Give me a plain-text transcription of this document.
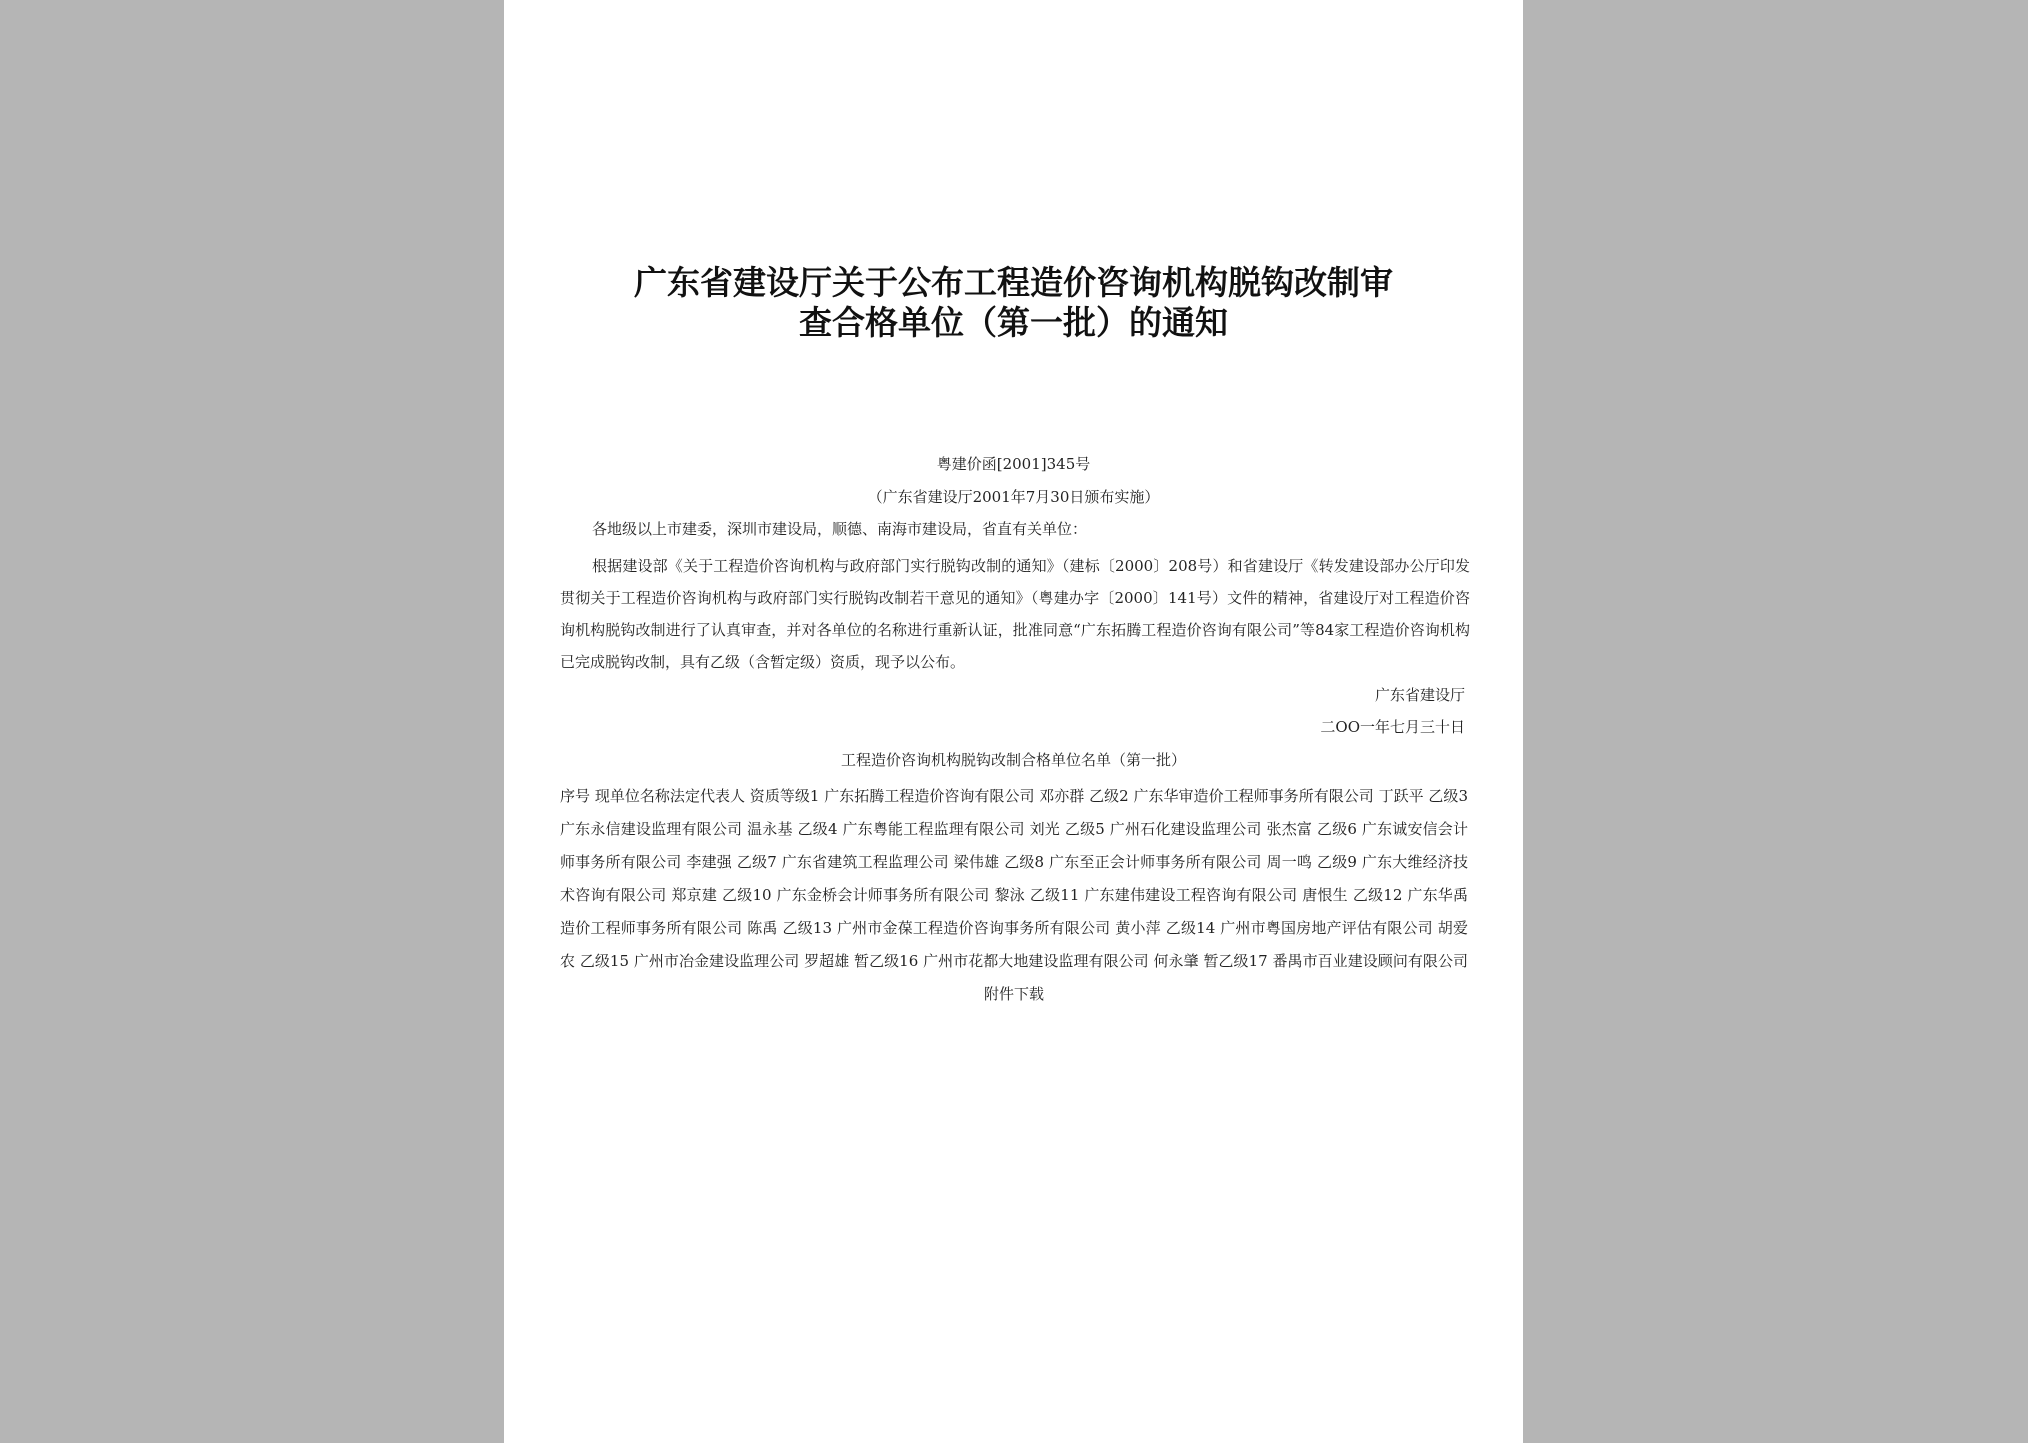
广东省建设厅关于公布工程造价咨询机构脱钩改制审
查合格单位（第一批）的通知
粤建价函[2001]345号
（广东省建设厅2001年7月30日颁布实施）
各地级以上市建委，深圳市建设局，顺德、南海市建设局，省直有关单位：
根据建设部《关于工程造价咨询机构与政府部门实行脱钩改制的通知》（建标〔2000〕208号）和省建设厅《转发建设部办公厅印发贯彻关于工程造价咨询机构与政府部门实行脱钩改制若干意见的通知》（粤建办字〔2000〕141号）文件的精神，省建设厅对工程造价咨询机构脱钩改制进行了认真审查，并对各单位的名称进行重新认证，批准同意“广东拓腾工程造价咨询有限公司”等84家工程造价咨询机构已完成脱钩改制，具有乙级（含暂定级）资质，现予以公布。
广东省建设厅
二OO一年七月三十日
工程造价咨询机构脱钩改制合格单位名单（第一批）
序号 现单位名称法定代表人 资质等级1 广东拓腾工程造价咨询有限公司 邓亦群 乙级2 广东华审造价工程师事务所有限公司 丁跃平 乙级3 广东永信建设监理有限公司 温永基 乙级4 广东粤能工程监理有限公司 刘光 乙级5 广州石化建设监理公司 张杰富 乙级6 广东诚安信会计师事务所有限公司 李建强 乙级7 广东省建筑工程监理公司 梁伟雄 乙级8 广东至正会计师事务所有限公司 周一鸣 乙级9 广东大维经济技术咨询有限公司 郑京建 乙级10 广东金桥会计师事务所有限公司 黎泳 乙级11 广东建伟建设工程咨询有限公司 唐恨生 乙级12 广东华禹造价工程师事务所有限公司 陈禹 乙级13 广州市金葆工程造价咨询事务所有限公司 黄小萍 乙级14 广州市粤国房地产评估有限公司 胡爱农 乙级15 广州市冶金建设监理公司 罗超雄 暂乙级16 广州市花都大地建设监理有限公司 何永肇 暂乙级17 番禺市百业建设顾问有限公司 附件下载
